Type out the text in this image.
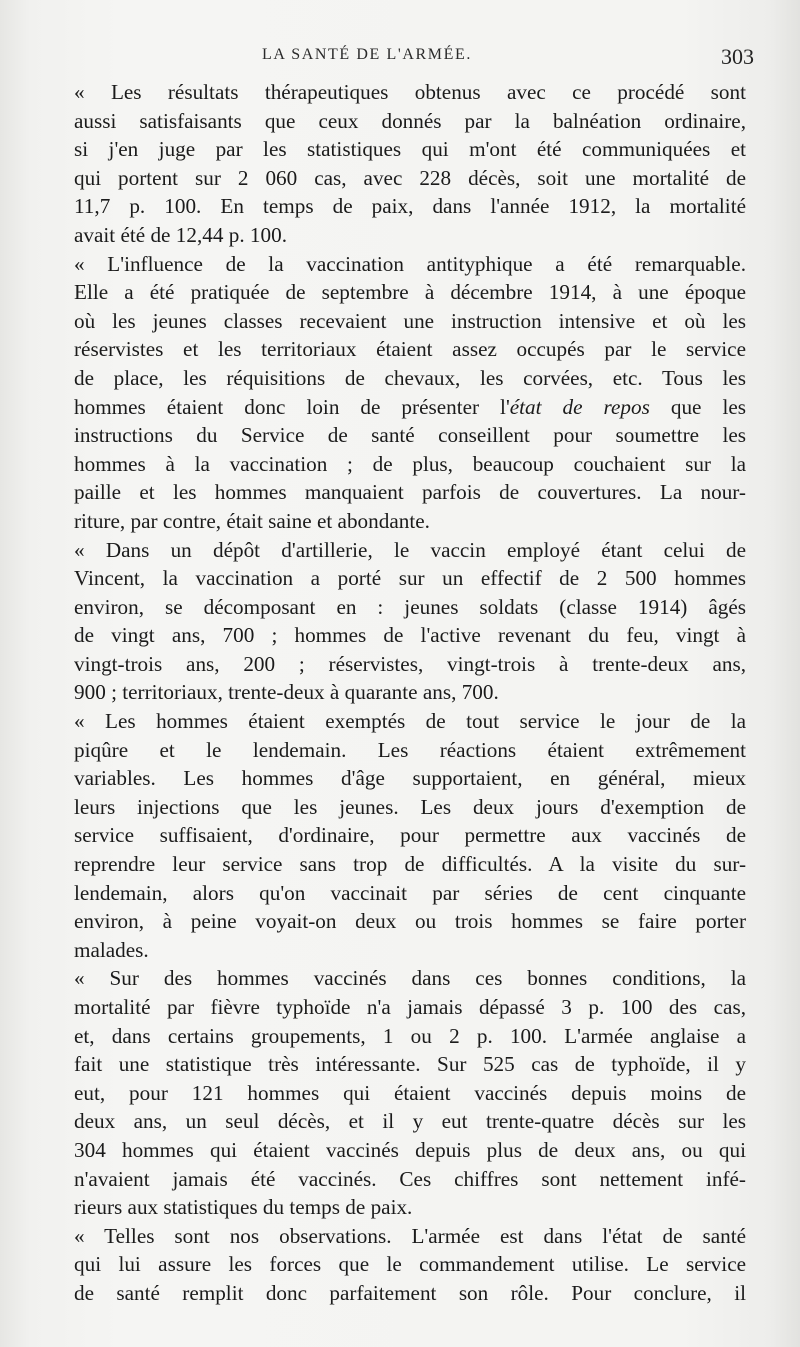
LA SANTÉ DE L'ARMÉE.	303
« Les résultats thérapeutiques obtenus avec ce procédé sont
aussi satisfaisants que ceux donnés par la balnéation ordinaire,
si j'en juge par les statistiques qui m'ont été communiquées et
qui portent sur 2 060 cas, avec 228 décès, soit une mortalité de
11,7 p. 100. En temps de paix, dans l'année 1912, la mortalité
avait été de 12,44 p. 100.
« L'influence de la vaccination antityphique a été remarquable.
Elle a été pratiquée de septembre à décembre 1914, à une époque
où les jeunes classes recevaient une instruction intensive et où les
réservistes et les territoriaux étaient assez occupés par le service
de place, les réquisitions de chevaux, les corvées, etc. Tous les
hommes étaient donc loin de présenter l'état de repos que les
instructions du Service de santé conseillent pour soumettre les
hommes à la vaccination ; de plus, beaucoup couchaient sur la
paille et les hommes manquaient parfois de couvertures. La nour-
riture, par contre, était saine et abondante.
« Dans un dépôt d'artillerie, le vaccin employé étant celui de
Vincent, la vaccination a porté sur un effectif de 2 500 hommes
environ, se décomposant en : jeunes soldats (classe 1914) âgés
de vingt ans, 700 ; hommes de l'active revenant du feu, vingt à
vingt-trois ans, 200 ; réservistes, vingt-trois à trente-deux ans,
900 ; territoriaux, trente-deux à quarante ans, 700.
« Les hommes étaient exemptés de tout service le jour de la
piqûre et le lendemain. Les réactions étaient extrêmement
variables. Les hommes d'âge supportaient, en général, mieux
leurs injections que les jeunes. Les deux jours d'exemption de
service suffisaient, d'ordinaire, pour permettre aux vaccinés de
reprendre leur service sans trop de difficultés. A la visite du sur-
lendemain, alors qu'on vaccinait par séries de cent cinquante
environ, à peine voyait-on deux ou trois hommes se faire porter
malades.
« Sur des hommes vaccinés dans ces bonnes conditions, la
mortalité par fièvre typhoïde n'a jamais dépassé 3 p. 100 des cas,
et, dans certains groupements, 1 ou 2 p. 100. L'armée anglaise a
fait une statistique très intéressante. Sur 525 cas de typhoïde, il y
eut, pour 121 hommes qui étaient vaccinés depuis moins de
deux ans, un seul décès, et il y eut trente-quatre décès sur les
304 hommes qui étaient vaccinés depuis plus de deux ans, ou qui
n'avaient jamais été vaccinés. Ces chiffres sont nettement infé-
rieurs aux statistiques du temps de paix.
« Telles sont nos observations. L'armée est dans l'état de santé
qui lui assure les forces que le commandement utilise. Le service
de santé remplit donc parfaitement son rôle. Pour conclure, il
